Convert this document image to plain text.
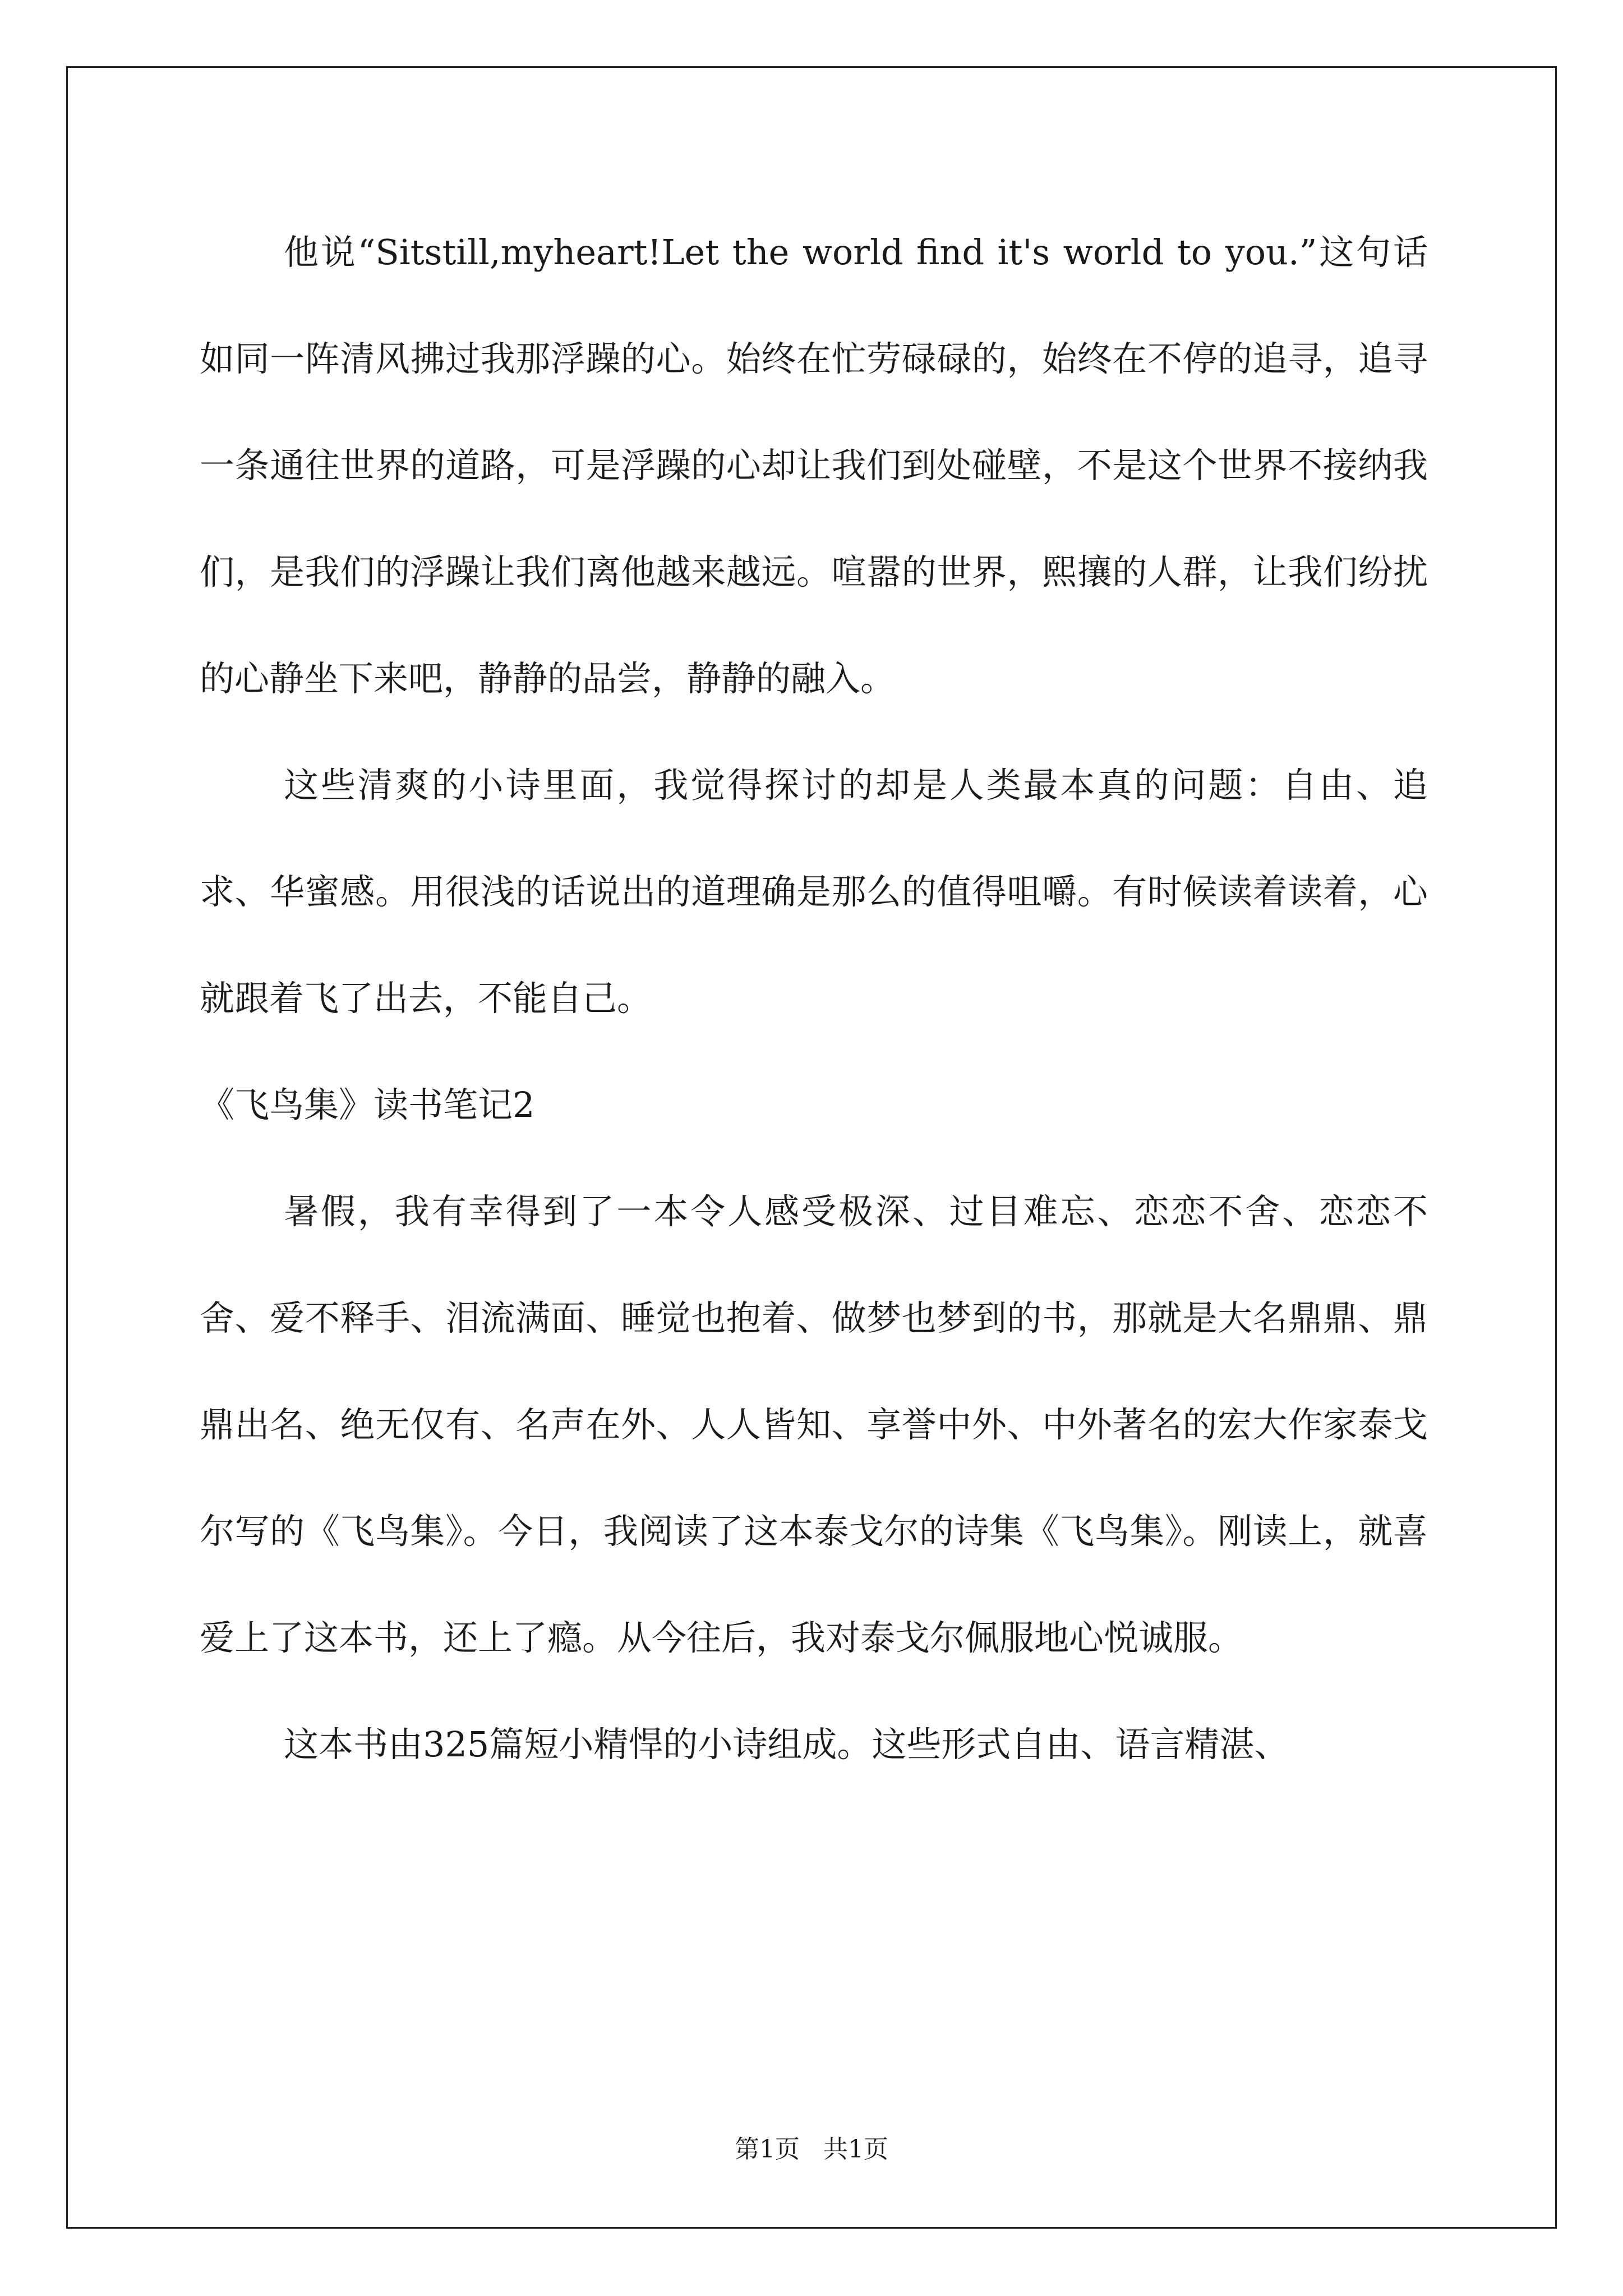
他说“Sitstill,myheart!Let the world find it's world to you.”这句话如同一阵清风拂过我那浮躁的心。始终在忙劳碌碌的，始终在不停的追寻，追寻一条通往世界的道路，可是浮躁的心却让我们到处碰壁，不是这个世界不接纳我们，是我们的浮躁让我们离他越来越远。喧嚣的世界，熙攘的人群，让我们纷扰的心静坐下来吧，静静的品尝，静静的融入。

这些清爽的小诗里面，我觉得探讨的却是人类最本真的问题：自由、追求、华蜜感。用很浅的话说出的道理确是那么的值得咀嚼。有时候读着读着，心就跟着飞了出去，不能自己。

《飞鸟集》读书笔记2

暑假，我有幸得到了一本令人感受极深、过目难忘、恋恋不舍、恋恋不舍、爱不释手、泪流满面、睡觉也抱着、做梦也梦到的书，那就是大名鼎鼎、鼎鼎出名、绝无仅有、名声在外、人人皆知、享誉中外、中外著名的宏大作家泰戈尔写的《飞鸟集》。今日，我阅读了这本泰戈尔的诗集《飞鸟集》。刚读上，就喜爱上了这本书，还上了瘾。从今往后，我对泰戈尔佩服地心悦诚服。

这本书由325篇短小精悍的小诗组成。这些形式自由、语言精湛、

第1页   共1页
